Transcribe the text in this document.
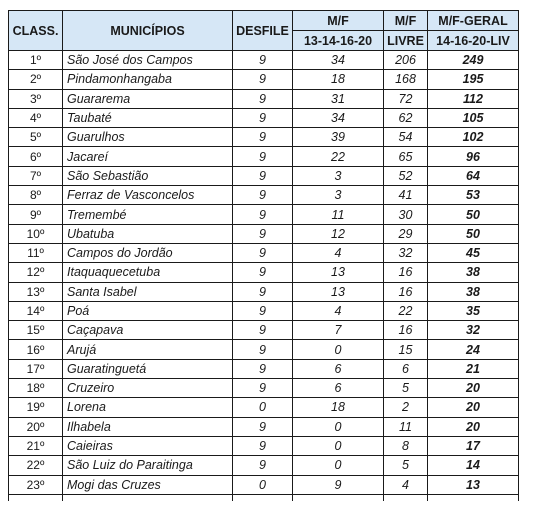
CLASS.	MUNICÍPIOS	DESFILE	M/F	M/F	M/F-GERAL
			13-14-16-20	LIVRE	14-16-20-LIV
1º	São José dos Campos	9	34	206	249
2º	Pindamonhangaba	9	18	168	195
3º	Guararema	9	31	72	112
4º	Taubaté	9	34	62	105
5º	Guarulhos	9	39	54	102
6º	Jacareí	9	22	65	96
7º	São Sebastião	9	3	52	64
8º	Ferraz de Vasconcelos	9	3	41	53
9º	Tremembé	9	11	30	50
10º	Ubatuba	9	12	29	50
11º	Campos do Jordão	9	4	32	45
12º	Itaquaquecetuba	9	13	16	38
13º	Santa Isabel	9	13	16	38
14º	Poá	9	4	22	35
15º	Caçapava	9	7	16	32
16º	Arujá	9	0	15	24
17º	Guaratinguetá	9	6	6	21
18º	Cruzeiro	9	6	5	20
19º	Lorena	0	18	2	20
20º	Ilhabela	9	0	11	20
21º	Caieiras	9	0	8	17
22º	São Luiz do Paraitinga	9	0	5	14
23º	Mogi das Cruzes	0	9	4	13
